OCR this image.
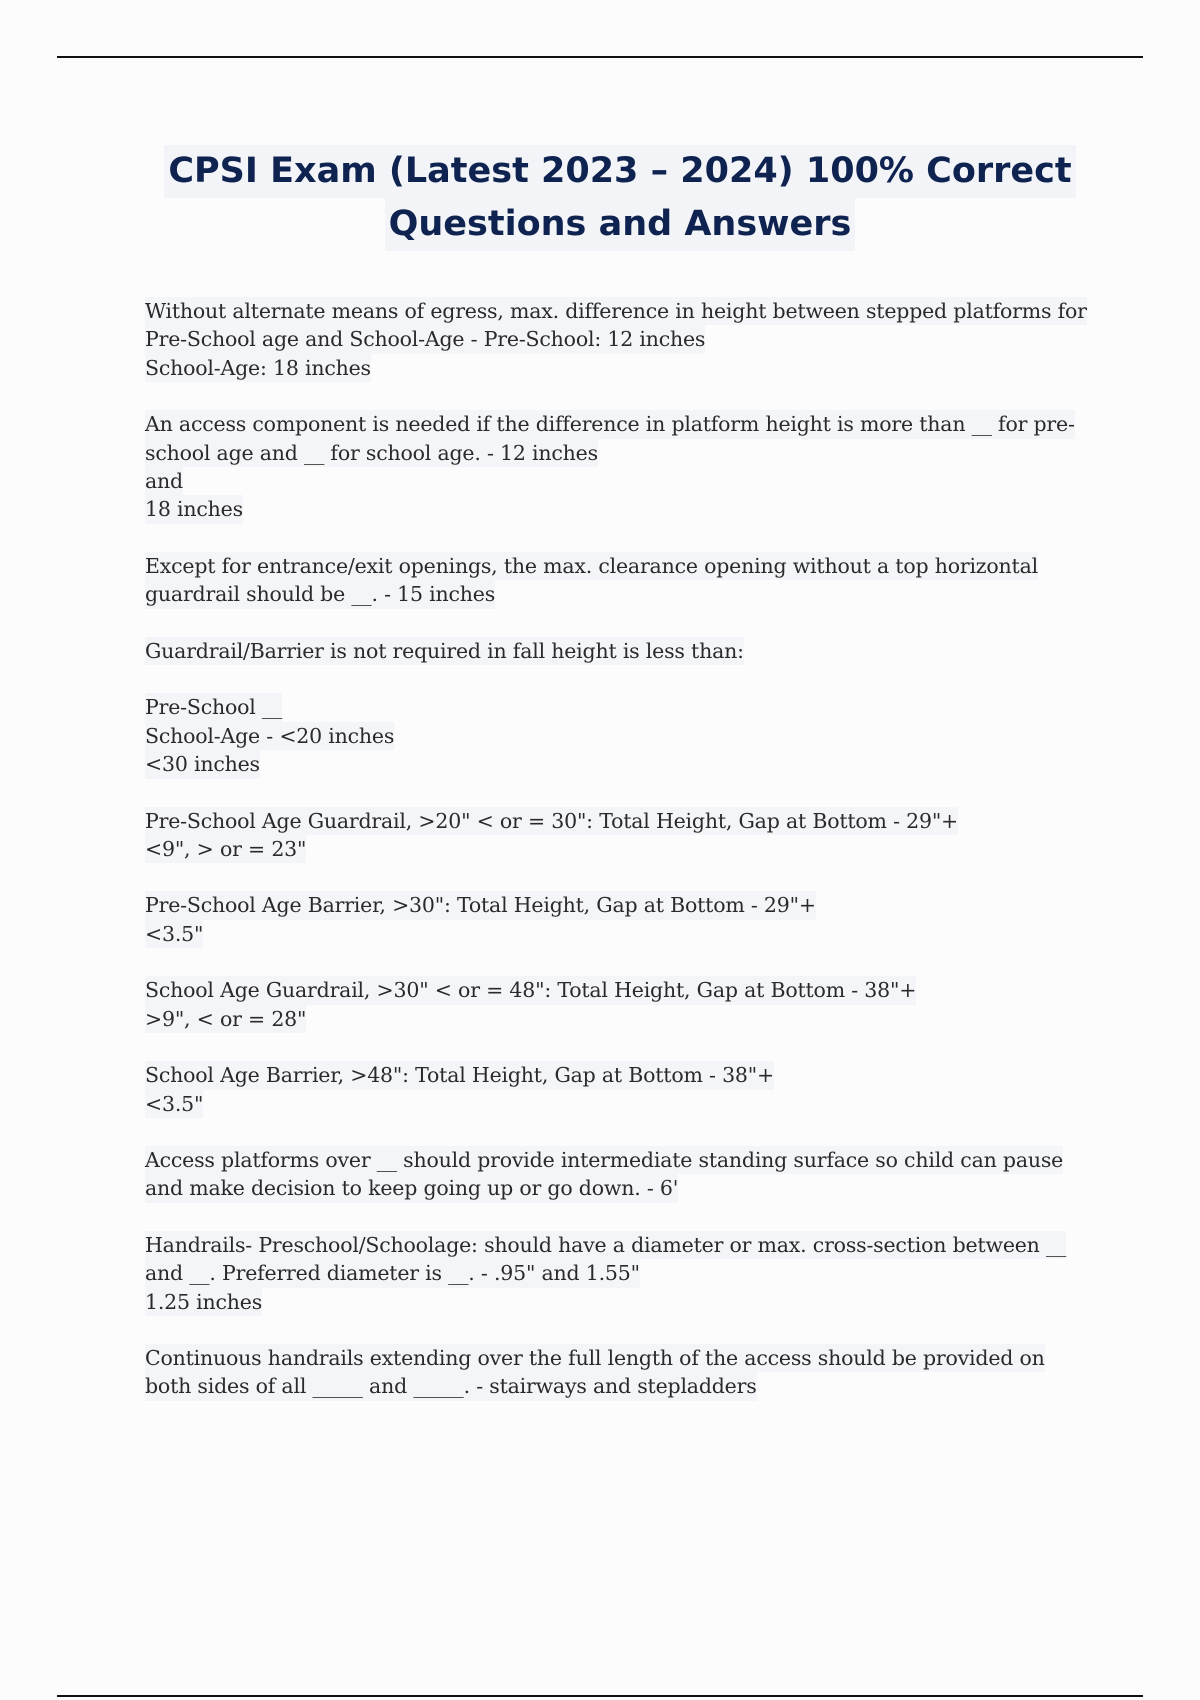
CPSI Exam (Latest 2023 – 2024) 100% Correct
Questions and Answers
Without alternate means of egress, max. difference in height between stepped platforms for
Pre-School age and School-Age - Pre-School: 12 inches
School-Age: 18 inches
An access component is needed if the difference in platform height is more than __ for pre-
school age and __ for school age. - 12 inches
and
18 inches
Except for entrance/exit openings, the max. clearance opening without a top horizontal
guardrail should be __. - 15 inches
Guardrail/Barrier is not required in fall height is less than:
Pre-School __
School-Age - <20 inches
<30 inches
Pre-School Age Guardrail, >20" < or = 30": Total Height, Gap at Bottom - 29"+
<9", > or = 23"
Pre-School Age Barrier, >30": Total Height, Gap at Bottom - 29"+
<3.5"
School Age Guardrail, >30" < or = 48": Total Height, Gap at Bottom - 38"+
>9", < or = 28"
School Age Barrier, >48": Total Height, Gap at Bottom - 38"+
<3.5"
Access platforms over __ should provide intermediate standing surface so child can pause
and make decision to keep going up or go down. - 6'
Handrails- Preschool/Schoolage: should have a diameter or max. cross-section between __
and __. Preferred diameter is __. - .95" and 1.55"
1.25 inches
Continuous handrails extending over the full length of the access should be provided on
both sides of all _____ and _____. - stairways and stepladders
